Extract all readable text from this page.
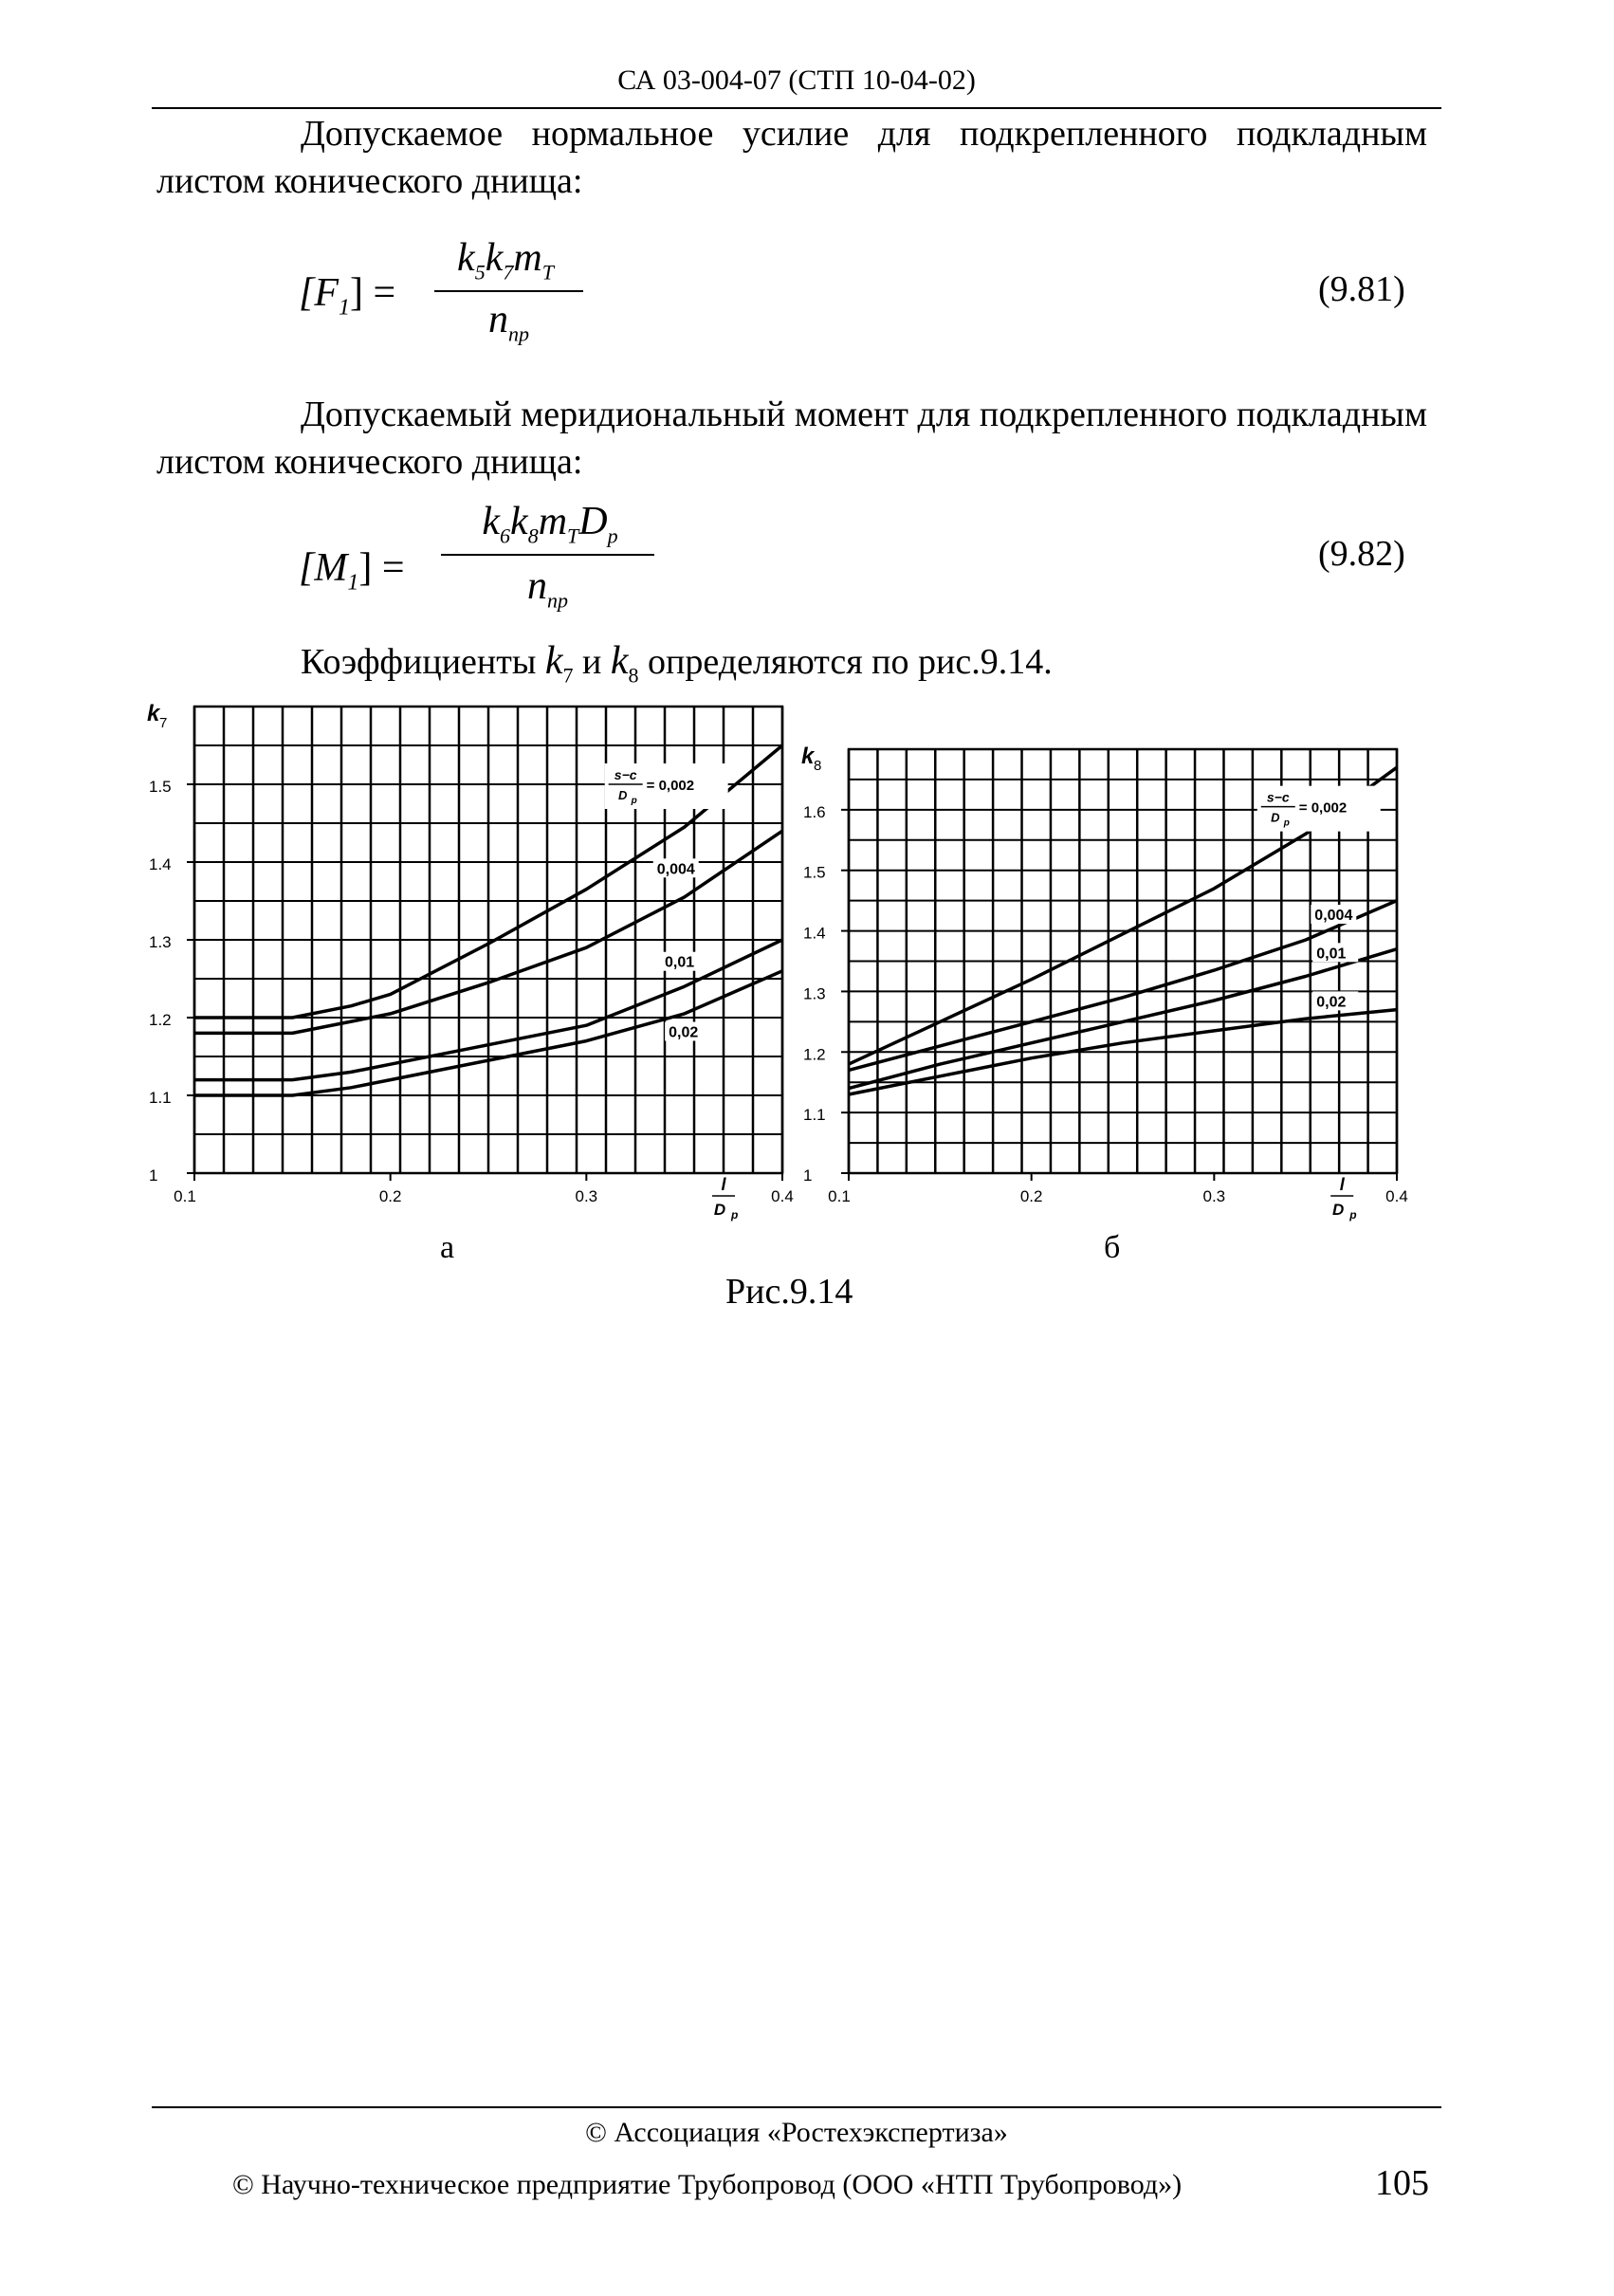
СА 03-004-07 (СТП 10-04-02)
Допускаемое нормальное усилие для подкрепленного подкладным листом конического днища:
$[F_1]$ =
$k_5k_7m_T$
$n_{пр}$
(9.81)
Допускаемый меридиональный момент для подкрепленного подкладным листом конического днища:
$[M_1]$ =
$k_6k_8m_TD_p$
$n_{пр}$
(9.82)
Коэффициенты $k_7$ и $k_8$ определяются по рис.9.14.
1
1.1
1.2
1.3
1.4
1.5
0.1	0.2	0.3	0.4
k 7
l
D p
0,004
0,01
0,02
s−c
D p
= 0,002
1
1.1
1.2
1.3
1.4
1.5
1.6
0.1	0.2	0.3	0.4
k 8
l
D p
0,004
0,01
0,02
s−c
D p
= 0,002
а	б
Рис.9.14
© Ассоциация «Ростехэкспертиза»
© Научно-техническое предприятие Трубопровод (ООО «НТП Трубопровод»)	105
